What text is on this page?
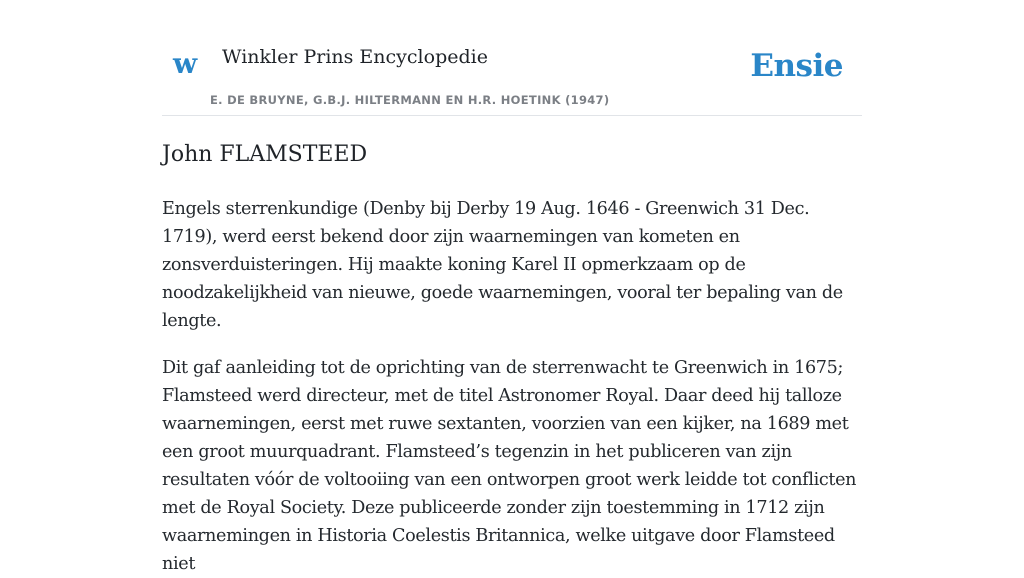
w Winkler Prins Encyclopedie
E. DE BRUYNE, G.B.J. HILTERMANN EN H.R. HOETINK (1947)
Ensie
John FLAMSTEED

Engels sterrenkundige (Denby bij Derby 19 Aug. 1646 - Greenwich 31 Dec. 1719), werd eerst bekend door zijn waarnemingen van kometen en zonsverduisteringen. Hij maakte koning Karel II opmerkzaam op de noodzakelijkheid van nieuwe, goede waarnemingen, vooral ter bepaling van de lengte.

Dit gaf aanleiding tot de oprichting van de sterrenwacht te Greenwich in 1675; Flamsteed werd directeur, met de titel Astronomer Royal. Daar deed hij talloze waarnemingen, eerst met ruwe sextanten, voorzien van een kijker, na 1689 met een groot muurquadrant. Flamsteed’s tegenzin in het publiceren van zijn resultaten vóór de voltooiing van een ontworpen groot werk leidde tot conflicten met de Royal Society. Deze publiceerde zonder zijn toestemming in 1712 zijn waarnemingen in Historia Coelestis Britannica, welke uitgave door Flamsteed niet
